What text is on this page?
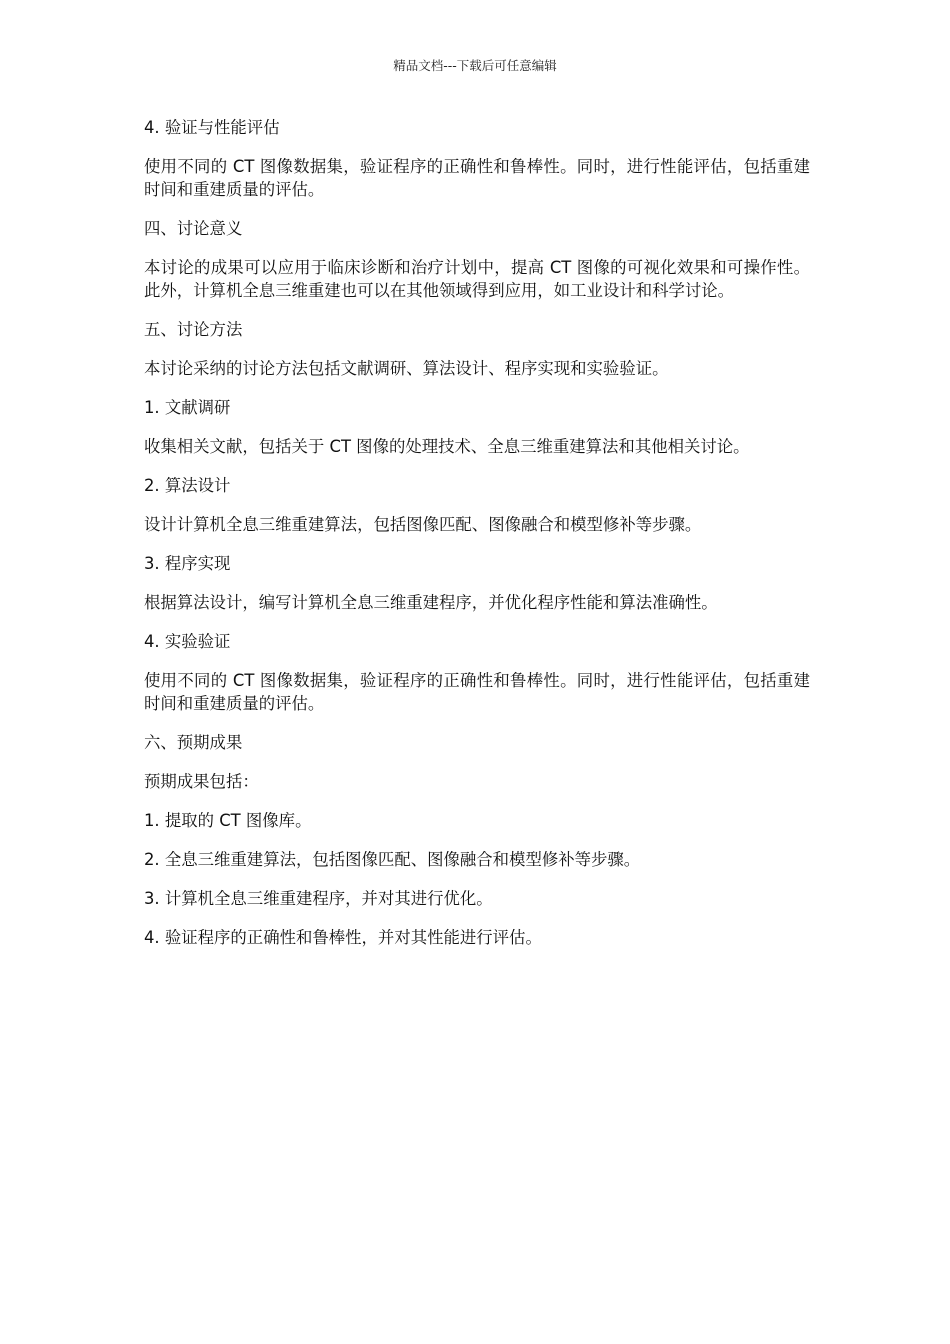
精品文档---下载后可任意编辑

4. 验证与性能评估

使用不同的 CT 图像数据集，验证程序的正确性和鲁棒性。同时，进行性能评估，包括重建时间和重建质量的评估。

四、讨论意义

本讨论的成果可以应用于临床诊断和治疗计划中，提高 CT 图像的可视化效果和可操作性。此外，计算机全息三维重建也可以在其他领域得到应用，如工业设计和科学讨论。

五、讨论方法

本讨论采纳的讨论方法包括文献调研、算法设计、程序实现和实验验证。

1. 文献调研

收集相关文献，包括关于 CT 图像的处理技术、全息三维重建算法和其他相关讨论。

2. 算法设计

设计计算机全息三维重建算法，包括图像匹配、图像融合和模型修补等步骤。

3. 程序实现

根据算法设计，编写计算机全息三维重建程序，并优化程序性能和算法准确性。

4. 实验验证

使用不同的 CT 图像数据集，验证程序的正确性和鲁棒性。同时，进行性能评估，包括重建时间和重建质量的评估。

六、预期成果

预期成果包括：

1. 提取的 CT 图像库。

2. 全息三维重建算法，包括图像匹配、图像融合和模型修补等步骤。

3. 计算机全息三维重建程序，并对其进行优化。

4. 验证程序的正确性和鲁棒性，并对其性能进行评估。
